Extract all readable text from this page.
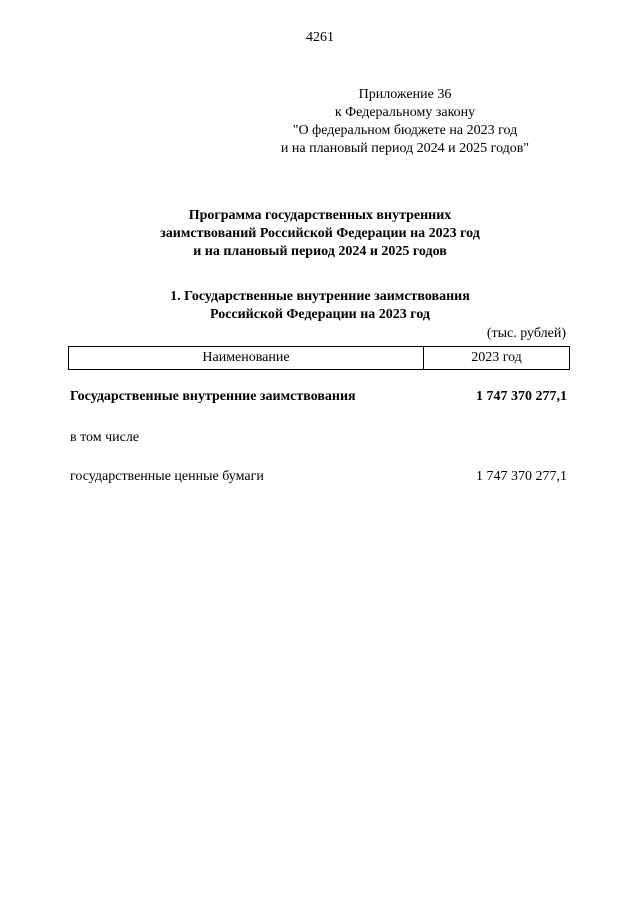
4261
Приложение 36
к Федеральному закону
"О федеральном бюджете на 2023 год
и на плановый период 2024 и 2025 годов"
Программа государственных внутренних
заимствований Российской Федерации на 2023 год
и на плановый период 2024 и 2025 годов
1. Государственные внутренние заимствования
Российской Федерации на 2023 год
(тыс. рублей)
Наименование	2023 год
Государственные внутренние заимствования	1 747 370 277,1
в том числе
государственные ценные бумаги	1 747 370 277,1
